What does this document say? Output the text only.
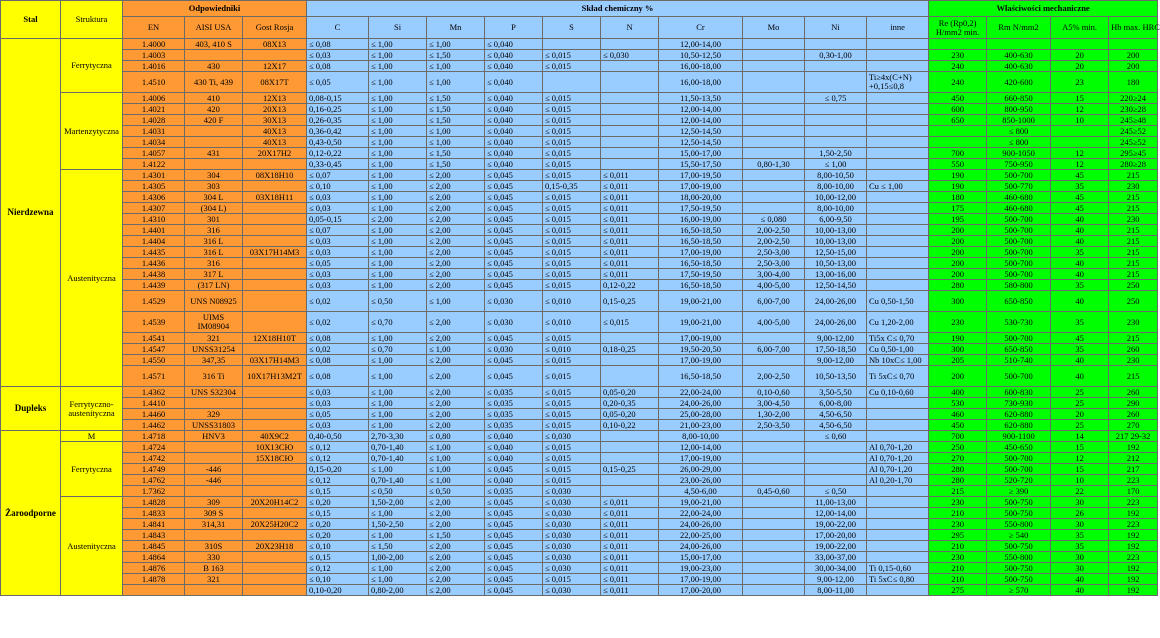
Stal	Struktura	Odpowiedniki			Skład chemiczny %										Właściwości mechaniczne			
		EN	AISI USA	Gost Rosja	C	Si	Mn	P	S	N	Cr	Mo	Ni	inne	Re (Rp0,2) H/mm2 min.	Rm N/mm2	A5% min.	Hb max. HRC
Nierdzewna	Ferrytyczna	1.4000	403, 410 S	08X13	≤ 0,08	≤ 1,00	≤ 1,00	≤ 0,040			12,00-14,00							
		1.4003			≤ 0,03	≤ 1,00	≤ 1,50	≤ 0,040	≤ 0,015	≤ 0,030	10,50-12,50		0,30-1,00		230	400-630	20	200
		1.4016	430	12X17	≤ 0,08	≤ 1,00	≤ 1,00	≤ 0,040	≤ 0,015		16,00-18,00				240	400-630	20	200
		1.4510	430 Ti, 439	08X17T	≤ 0,05	≤ 1,00	≤ 1,00	≤ 0,040			16,00-18,00			Ti≥4x(C+N) +0,15≤0,8	240	420-600	23	180
	Martenzytyczna	1.4006	410	12X13	0,08-0,15	≤ 1,00	≤ 1,50	≤ 0,040	≤ 0,015		11,50-13,50		≤ 0,75		450	660-850	15	220≥24
		1.4021	420	20X13	0,16-0,25	≤ 1,00	≤ 1,50	≤ 0,040	≤ 0,015		12,00-14,00				600	800-950	12	230≥28
		1.4028	420 F	30X13	0,26-0,35	≤ 1,00	≤ 1,50	≤ 0,040	≤ 0,015		12,00-14,00				650	850-1000	10	245≥48
		1.4031		40X13	0,36-0,42	≤ 1,00	≤ 1,00	≤ 0,040	≤ 0,015		12,50-14,50					≤ 800		245≥52
		1.4034		40X13	0,43-0,50	≤ 1,00	≤ 1,00	≤ 0,040	≤ 0,015		12,50-14,50					≤ 800		245≥52
		1.4057	431	20X17H2	0,12-0,22	≤ 1,00	≤ 1,50	≤ 0,040	≤ 0,015		15,00-17,00		1,50-2,50		700	900-1050	12	295≥45
		1.4122			0,33-0,45	≤ 1,00	≤ 1,50	≤ 0,040	≤ 0,015		15,50-17,50	0,80-1,30	≤ 1,00		550	750-950	12	280≥28
	Austenityczna	1.4301	304	08X18H10	≤ 0,07	≤ 1,00	≤ 2,00	≤ 0,045	≤ 0,015	≤ 0,011	17,00-19,50		8,00-10,50		190	500-700	45	215
		1.4305	303		≤ 0,10	≤ 1,00	≤ 2,00	≤ 0,045	0,15-0,35	≤ 0,011	17,00-19,00		8,00-10,00	Cu ≤ 1,00	190	500-770	35	230
		1.4306	304 L	03X18H11	≤ 0,03	≤ 1,00	≤ 2,00	≤ 0,045	≤ 0,015	≤ 0,011	18,00-20,00		10,00-12,00		180	460-680	45	215
		1.4307	(304 L)		≤ 0,03	≤ 1,00	≤ 2,00	≤ 0,045	≤ 0,015	≤ 0,011	17,50-19,50		8,00-10,00		175	460-680	45	215
		1.4310	301		0,05-0,15	≤ 2,00	≤ 2,00	≤ 0,045	≤ 0,015	≤ 0,011	16,00-19,00	≤ 0,080	6,00-9,50		195	500-700	40	230
		1.4401	316		≤ 0,07	≤ 1,00	≤ 2,00	≤ 0,045	≤ 0,015	≤ 0,011	16,50-18,50	2,00-2,50	10,00-13,00		200	500-700	40	215
		1.4404	316 L		≤ 0,03	≤ 1,00	≤ 2,00	≤ 0,045	≤ 0,015	≤ 0,011	16,50-18,50	2,00-2,50	10,00-13,00		200	500-700	40	215
		1.4435	316 L	03X17H14M3	≤ 0,03	≤ 1,00	≤ 2,00	≤ 0,045	≤ 0,015	≤ 0,011	17,00-19,00	2,50-3,00	12,50-15,00		200	500-700	35	215
		1.4436	316		≤ 0,05	≤ 1,00	≤ 2,00	≤ 0,045	≤ 0,015	≤ 0,011	16,50-18,50	2,50-3,00	10,50-13,00		200	500-700	40	215
		1.4438	317 L		≤ 0,03	≤ 1,00	≤ 2,00	≤ 0,045	≤ 0,015	≤ 0,011	17,50-19,50	3,00-4,00	13,00-16,00		200	500-700	40	215
		1.4439	(317 LN)		≤ 0,03	≤ 1,00	≤ 2,00	≤ 0,045	≤ 0,015	0,12-0,22	16,50-18,50	4,00-5,00	12,50-14,50		280	580-800	35	250
		1.4529	UNS N08925		≤ 0,02	≤ 0,50	≤ 1,00	≤ 0,030	≤ 0,010	0,15-0,25	19,00-21,00	6,00-7,00	24,00-26,00	Cu 0,50-1,50	300	650-850	40	250
		1.4539	UIMS IM08904		≤ 0,02	≤ 0,70	≤ 2,00	≤ 0,030	≤ 0,010	≤ 0,015	19,00-21,00	4,00-5,00	24,00-26,00	Cu 1,20-2,00	230	530-730	35	230
		1.4541	321	12X18H10T	≤ 0,08	≤ 1,00	≤ 2,00	≤ 0,045	≤ 0,015		17,00-19,00		9,00-12,00	Ti5x C≤ 0,70	190	500-700	45	215
		1.4547	UNSS31254		≤ 0,02	≤ 0,70	≤ 1,00	≤ 0,030	≤ 0,010	0,18-0,25	19,50-20,50	6,00-7,00	17,50-18,50	Cu 0,50-1,00	300	650-850	35	260
		1.4550	347,35	03X17H14M3	≤ 0,08	≤ 1,00	≤ 2,00	≤ 0,045	≤ 0,015		17,00-19,00		9,00-12,00	Nb 10xC≤ 1,00	205	510-740	40	230
		1.4571	316 Ti	10X17H13M2T	≤ 0,08	≤ 1,00	≤ 2,00	≤ 0,045	≤ 0,015		16,50-18,50	2,00-2,50	10,50-13,50	Ti 5xC≤ 0,70	200	500-700	40	215
Dupleks	Ferrytyczno-austenityczna	1.4362	UNS S32304		≤ 0,03	≤ 1,00	≤ 2,00	≤ 0,035	≤ 0,015	0,05-0,20	22,00-24,00	0,10-0,60	3,50-5,50	Cu 0,10-0,60	400	600-830	25	260
		1.4410			≤ 0,03	≤ 1,00	≤ 2,00	≤ 0,035	≤ 0,015	0,20-0,35	24,00-26,00	3,00-4,50	6,00-8,00		530	730-930	25	290
		1.4460	329		≤ 0,05	≤ 1,00	≤ 2,00	≤ 0,035	≤ 0,015	0,05-0,20	25,00-28,00	1,30-2,00	4,50-6,50		460	620-880	20	260
		1.4462	UNSS31803		≤ 0,03	≤ 1,00	≤ 2,00	≤ 0,035	≤ 0,015	0,10-0,22	21,00-23,00	2,50-3,50	4,50-6,50		450	620-880	25	270
Żaroodporne	M	1.4718	HNV3	40X9C2	0,40-0,50	2,70-3,30	≤ 0,80	≤ 0,040	≤ 0,030		8,00-10,00		≤ 0,60		700	900-1100	14	217 29-32
	Ferrytyczna	1.4724		10X13CЮ	≤ 0,12	0,70-1,40	≤ 1,00	≤ 0,040	≤ 0,015		12,00-14,00			Al 0,70-1,20	250	450-650	15	192
		1.4742		15X18CЮ	≤ 0,12	0,70-1,40	≤ 1,00	≤ 0,040	≤ 0,015		17,00-19,00			Al 0,70-1,20	270	500-700	12	212
		1.4749	-446		0,15-0,20	≤ 1,00	≤ 1,00	≤ 0,045	≤ 0,015	0,15-0,25	26,00-29,00			Al 0,70-1,20	280	500-700	15	217
		1.4762	-446		≤ 0,12	0,70-1,40	≤ 1,00	≤ 0,040	≤ 0,015		23,00-26,00			Al 0,20-1,70	280	520-720	10	223
		1.7362			≤ 0,15	≤ 0,50	≤ 0,50	≤ 0,035	≤ 0,030		4,50-6,00	0,45-0,60	≤ 0,50		215	≥ 390	22	170
	Austenityczna	1.4828	309	20X20H14C2	≤ 0,20	1,50-2,00	≤ 2,00	≤ 0,045	≤ 0,030	≤ 0,011	19,00-21,00		11,00-13,00		230	500-750	30	223
		1.4833	309 S		≤ 0,15	≤ 1,00	≤ 2,00	≤ 0,045	≤ 0,030	≤ 0,011	22,00-24,00		12,00-14,00		210	500-750	26	192
		1.4841	314,31	20X25H20C2	≤ 0,20	1,50-2,50	≤ 2,00	≤ 0,045	≤ 0,030	≤ 0,011	24,00-26,00		19,00-22,00		230	550-800	30	223
		1.4843			≤ 0,20	≤ 1,00	≤ 1,50	≤ 0,045	≤ 0,030	≤ 0,011	22,00-25,00		17,00-20,00		295	≥ 540	35	192
		1.4845	310S	20X23H18	≤ 0,10	≤ 1,50	≤ 2,00	≤ 0,045	≤ 0,030	≤ 0,011	24,00-26,00		19,00-22,00		210	500-750	35	192
		1.4864	330		≤ 0,15	1,00-2,00	≤ 2,00	≤ 0,045	≤ 0,030	≤ 0,011	15,00-17,00		33,00-37,00		230	550-800	30	223
		1.4876	B 163		≤ 0,12	≤ 1,00	≤ 2,00	≤ 0,045	≤ 0,030	≤ 0,011	19,00-23,00		30,00-34,00	Ti 0,15-0,60	210	500-750	30	192
		1.4878	321		≤ 0,10	≤ 1,00	≤ 2,00	≤ 0,045	≤ 0,015	≤ 0,011	17,00-19,00		9,00-12,00	Ti 5xC≤ 0,80	210	500-750	40	192
					0,10-0,20	0,80-2,00	≤ 2,00	≤ 0,045	≤ 0,030	≤ 0,011	17,00-20,00		8,00-11,00		275	≥ 570	40	192
